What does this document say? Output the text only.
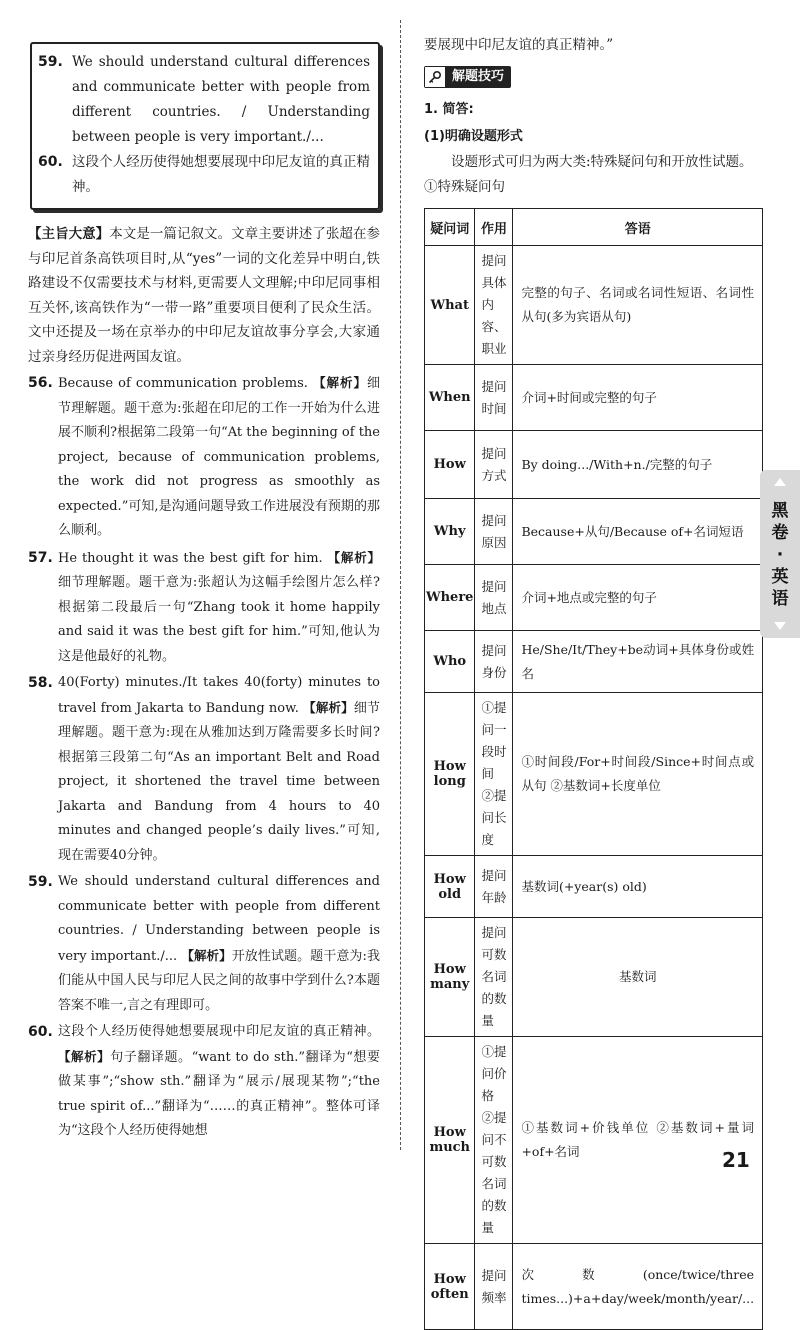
59. We should understand cultural differences and communicate better with people from different countries. / Understanding between people is very important./...
60. 这段个人经历使得她想要展现中印尼友谊的真正精神。
【主旨大意】本文是一篇记叙文。文章主要讲述了张超在参与印尼首条高铁项目时,从“yes”一词的文化差异中明白,铁路建设不仅需要技术与材料,更需要人文理解;中印尼同事相互关怀,该高铁作为“一带一路”重要项目便利了民众生活。文中还提及一场在京举办的中印尼友谊故事分享会,大家通过亲身经历促进两国友谊。
56. Because of communication problems. 【解析】细节理解题。题干意为:张超在印尼的工作一开始为什么进展不顺利?根据第二段第一句“At the beginning of the project, because of communication problems, the work did not progress as smoothly as expected.”可知,是沟通问题导致工作进展没有预期的那么顺利。
57. He thought it was the best gift for him. 【解析】细节理解题。题干意为:张超认为这幅手绘图片怎么样?根据第二段最后一句“Zhang took it home happily and said it was the best gift for him.”可知,他认为这是他最好的礼物。
58. 40(Forty) minutes./It takes 40(forty) minutes to travel from Jakarta to Bandung now. 【解析】细节理解题。题干意为:现在从雅加达到万隆需要多长时间?根据第三段第二句“As an important Belt and Road project, it shortened the travel time between Jakarta and Bandung from 4 hours to 40 minutes and changed people’s daily lives.”可知,现在需要40分钟。
59. We should understand cultural differences and communicate better with people from different countries. / Understanding between people is very important./... 【解析】开放性试题。题干意为:我们能从中国人民与印尼人民之间的故事中学到什么?本题答案不唯一,言之有理即可。
60. 这段个人经历使得她想要展现中印尼友谊的真正精神。 【解析】句子翻译题。“want to do sth.”翻译为“想要做某事”;“show sth.”翻译为“展示/展现某物”;“the true spirit of...”翻译为“……的真正精神”。整体可译为“这段个人经历使得她想
要展现中印尼友谊的真正精神。”
解题技巧
1. 简答:
(1)明确设题形式
设题形式可归为两大类:特殊疑问句和开放性试题。
①特殊疑问句
疑问词	作用	答语
What	提问具体内容、职业	完整的句子、名词或名词性短语、名词性从句(多为宾语从句)
When	提问时间	介词+时间或完整的句子
How	提问方式	By doing.../With+n./完整的句子
Why	提问原因	Because+从句/Because of+名词短语
Where	提问地点	介词+地点或完整的句子
Who	提问身份	He/She/It/They+be动词+具体身份或姓名
How long	①提问一段时间 ②提问长度	①时间段/For+时间段/Since+时间点或从句 ②基数词+长度单位
How old	提问年龄	基数词(+year(s) old)
How many	提问可数名词的数量	基数词
How much	①提问价格 ②提问不可数名词的数量	①基数词+价钱单位 ②基数词+量词+of+名词
How often	提问频率	次数(once/twice/three times...)+a+day/week/month/year/...
黑
卷
·
英
语
21
